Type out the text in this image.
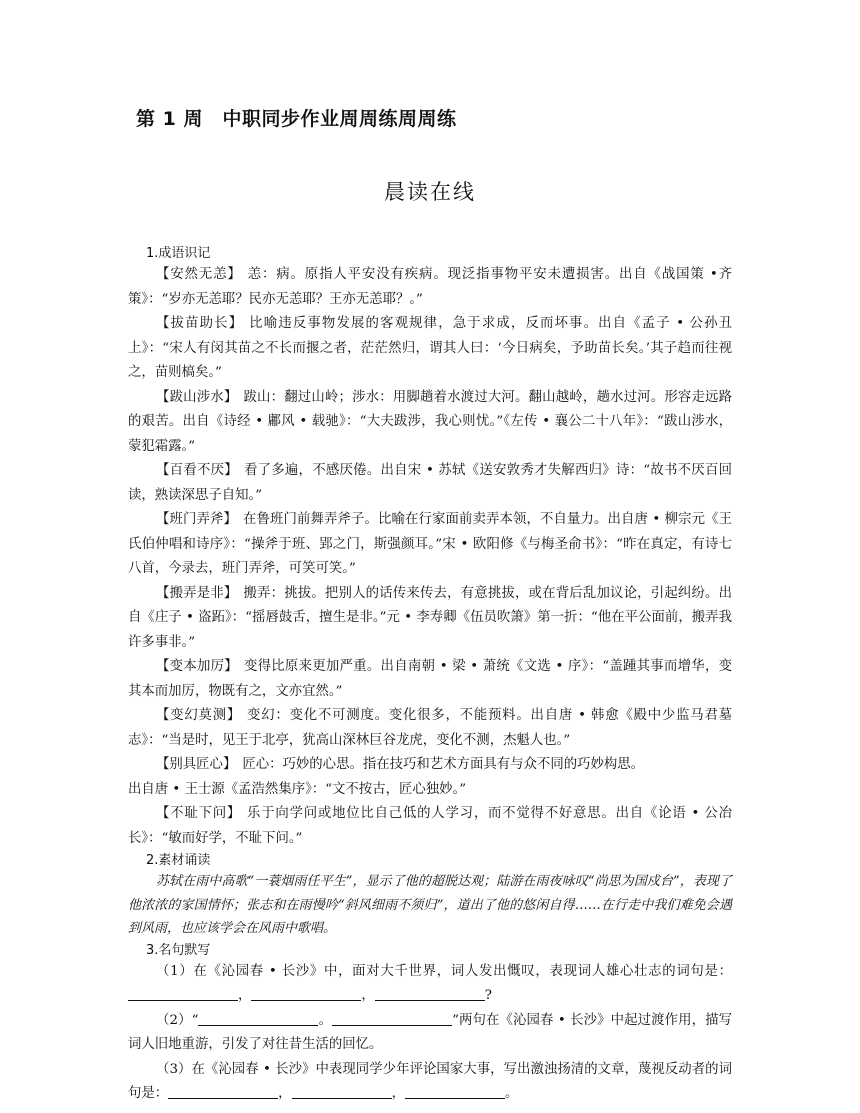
第 1 周　中职同步作业周周练周周练
晨读在线
1.成语识记

【安然无恙】 恙：病。原指人平安没有疾病。现泛指事物平安未遭损害。出自《战国策 •齐策》：“岁亦无恙耶？民亦无恙耶？王亦无恙耶？。”

【拔苗助长】 比喻违反事物发展的客观规律，急于求成，反而坏事。出自《孟子 • 公孙丑上》：“宋人有闵其苗之不长而揠之者，茫茫然归，谓其人曰：‘今日病矣，予助苗长矣。’其子趋而往视之，苗则槁矣。”

【跋山涉水】 跋山：翻过山岭；涉水：用脚趟着水渡过大河。翻山越岭，趟水过河。形容走远路的艰苦。出自《诗经 • 鄘风 • 载驰》：“大夫跋涉，我心则忧。”《左传 • 襄公二十八年》：“跋山涉水，蒙犯霜露。”

【百看不厌】 看了多遍，不感厌倦。出自宋 • 苏轼《送安敦秀才失解西归》诗：“故书不厌百回读，熟读深思子自知。”

【班门弄斧】 在鲁班门前舞弄斧子。比喻在行家面前卖弄本领，不自量力。出自唐 • 柳宗元《王氏伯仲唱和诗序》：“操斧于班、郢之门，斯强颜耳。”宋 • 欧阳修《与梅圣俞书》：“昨在真定，有诗七八首，今录去，班门弄斧，可笑可笑。”

【搬弄是非】 搬弄：挑拔。把别人的话传来传去，有意挑拔，或在背后乱加议论，引起纠纷。出自《庄子 • 盗跖》：“摇唇鼓舌，擅生是非。”元 • 李寿卿《伍员吹箫》第一折：“他在平公面前，搬弄我许多事非。”

【变本加厉】 变得比原来更加严重。出自南朝 • 梁 • 萧统《文选 • 序》：“盖踵其事而增华，变其本而加厉，物既有之，文亦宜然。”

【变幻莫测】 变幻：变化不可测度。变化很多，不能预料。出自唐 • 韩愈《殿中少监马君墓志》：“当是时，见王于北亭，犹高山深林巨谷龙虎，变化不测，杰魁人也。”

【别具匠心】 匠心：巧妙的心思。指在技巧和艺术方面具有与众不同的巧妙构思。

出自唐 • 王士源《孟浩然集序》：“文不按古，匠心独妙。”

【不耻下问】 乐于向学问或地位比自己低的人学习，而不觉得不好意思。出自《论语 • 公冶长》：“敏而好学，不耻下问。”

2.素材诵读

苏轼在雨中高歌“一蓑烟雨任平生”，显示了他的超脱达观；陆游在雨夜咏叹“尚思为国戍台”，表现了他浓浓的家国情怀；张志和在雨慢吟“斜风细雨不须归”，道出了他的悠闲自得……在行走中我们难免会遇到风雨，也应该学会在风雨中歌唱。

3.名句默写

（1）在《沁园春 • 长沙》中，面对大千世界，词人发出慨叹，表现词人雄心壮志的词句是：，	，	?

（2）“	。	”两句在《沁园春 • 长沙》中起过渡作用，描写词人旧地重游，引发了对往昔生活的回忆。

（3）在《沁园春 • 长沙》中表现同学少年评论国家大事，写出激浊扬清的文章，蔑视反动者的词句是：	，	，	。
